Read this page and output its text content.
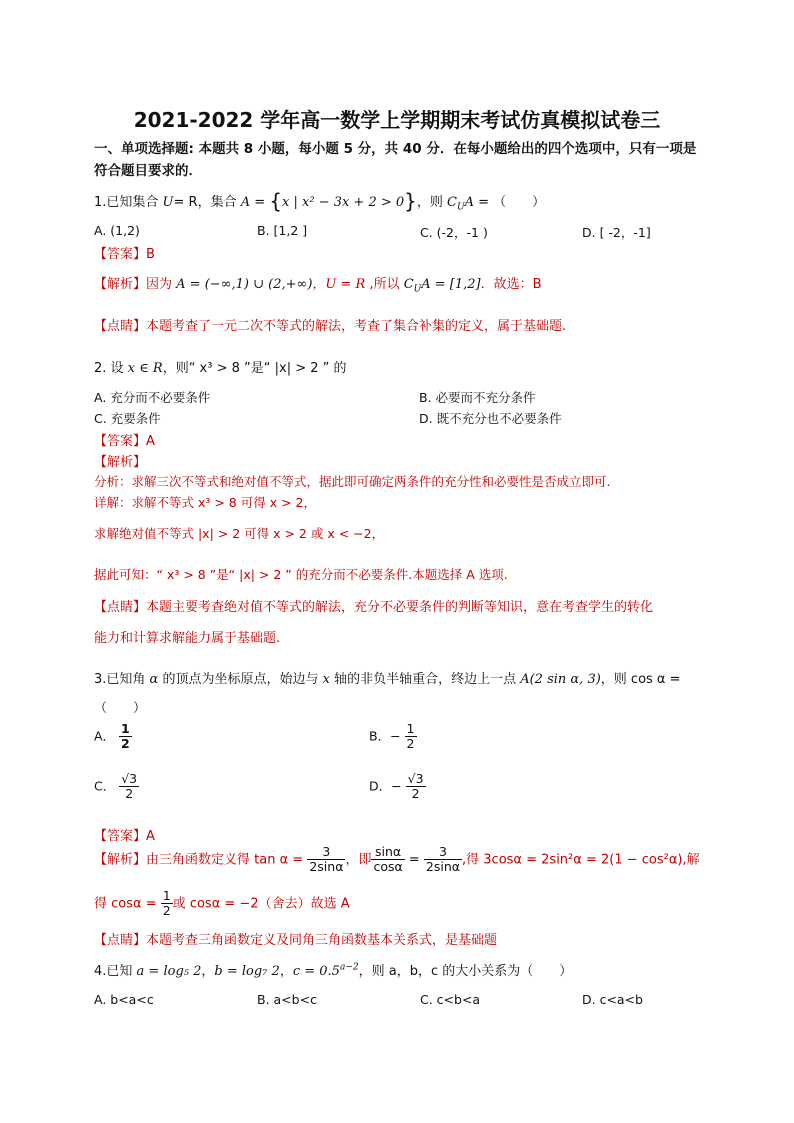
2021-2022 学年高一数学上学期期末考试仿真模拟试卷三
一、单项选择题: 本题共 8 小题，每小题 5 分，共 40 分．在每小题给出的四个选项中，只有一项是
符合题目要求的．
1.已知集合 U= R，集合 A = {x | x² − 3x + 2 > 0}，则 $C_UA$ = （　　）
A. (1,2)	B. [1,2 ]	C. (-2，-1 )	D. [ -2，-1]
【答案】B
【解析】因为 A = (−∞,1) ∪ (2,+∞)，U = R ,所以 $C_UA = [1,2]$．故选：B
【点睛】本题考查了一元二次不等式的解法，考查了集合补集的定义，属于基础题.
2. 设 x ∈ R，则“ x³ > 8 ”是“ |x| > 2 ” 的
A. 充分而不必要条件	B. 必要而不充分条件
C. 充要条件	D. 既不充分也不必要条件
【答案】A
【解析】
分析：求解三次不等式和绝对值不等式，据此即可确定两条件的充分性和必要性是否成立即可.
详解：求解不等式 x³ > 8 可得 x > 2，
求解绝对值不等式 |x| > 2 可得 x > 2 或 x < −2，
据此可知：“ x³ > 8 ”是“ |x| > 2 ” 的充分而不必要条件.本题选择 A 选项.
【点睛】本题主要考查绝对值不等式的解法，充分不必要条件的判断等知识，意在考查学生的转化
能力和计算求解能力属于基础题.
3.已知角 α 的顶点为坐标原点，始边与 x 轴的非负半轴重合，终边上一点 A(2 sin α, 3)，则 cos α =
（　　）
A． $\frac{1}{2}$	B．− $\frac{1}{2}$
C． $\frac{√3}{2}$	D．− $\frac{√3}{2}$
【答案】A
【解析】由三角函数定义得 $\tan \alpha = \frac{3}{2\sin\alpha}$ ，即 $\frac{\sin\alpha}{\cos\alpha} = \frac{3}{2\sin\alpha}$ ,得 3cosα = 2sin²α = 2(1 − cos²α),解
得 $\cos\alpha = \frac{1}{2}$ 或 cosα = −2（舍去）故选 A
【点睛】本题考查三角函数定义及同角三角函数基本关系式，是基础题
4.已知 a = log₅ 2，b = log₇ 2，$c = 0.5^{a-2}$，则 a，b，c 的大小关系为（　　）
A. b<a<c	B. a<b<c	C. c<b<a	D. c<a<b
